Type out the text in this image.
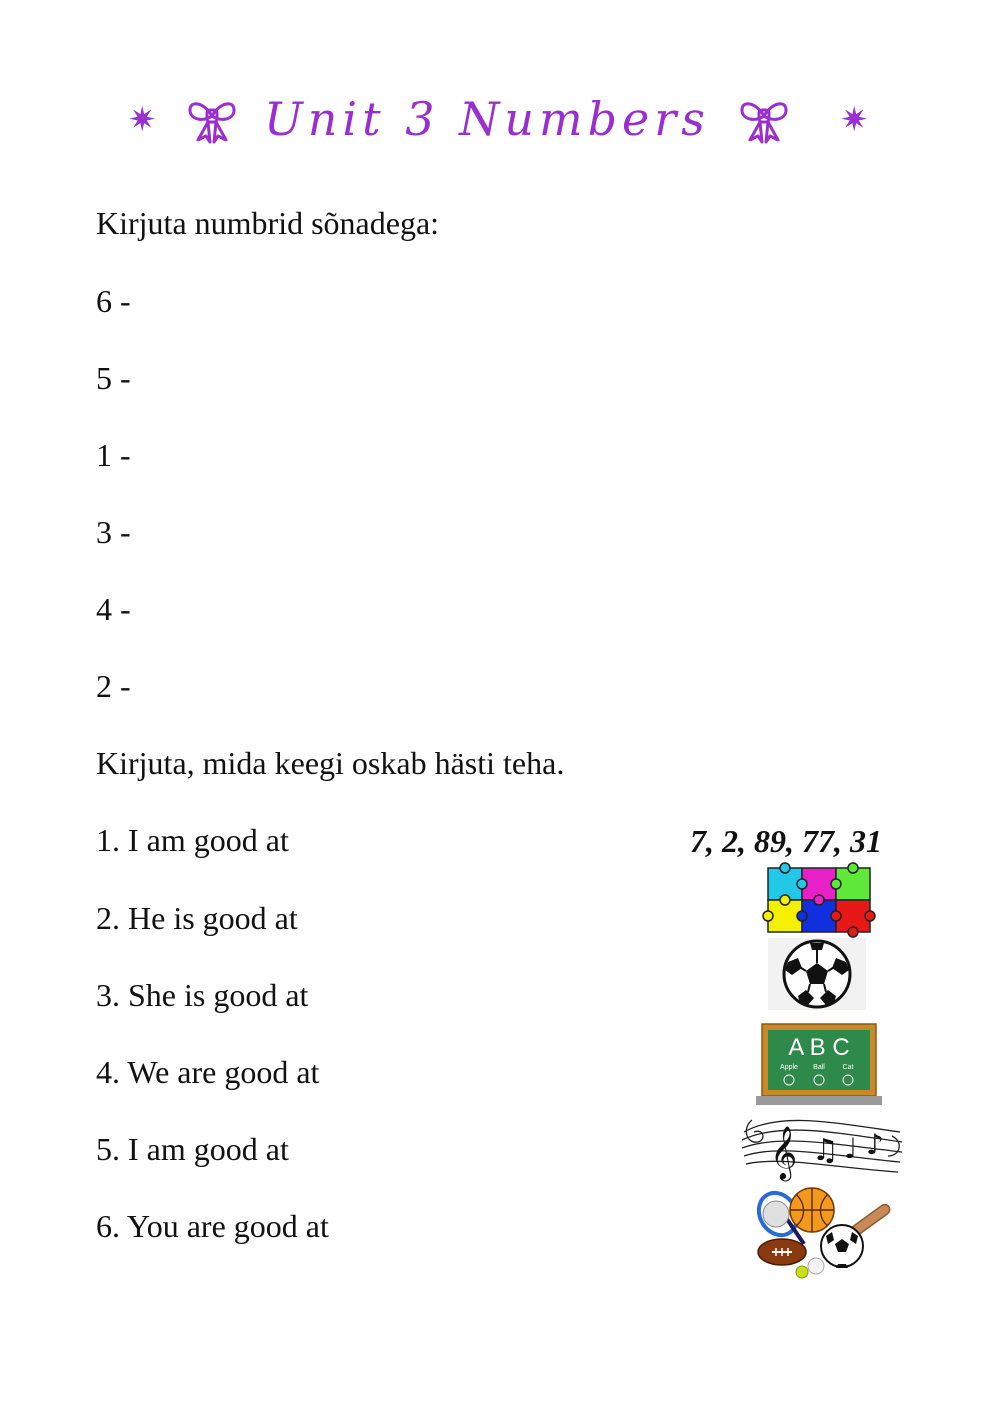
✷ Unit 3 Numbers	✷
Kirjuta numbrid sõnadega:
6 -
5 -
1 -
3 -
4 -
2 -
Kirjuta, mida keegi oskab hästi teha.
1. I am good at
2. He is good at
3. She is good at
4. We are good at
5. I am good at
6. You are good at
7, 2, 89, 77, 31
A B C
Apple Ball	Cat
𝄞 ♫ ♩ ♪
